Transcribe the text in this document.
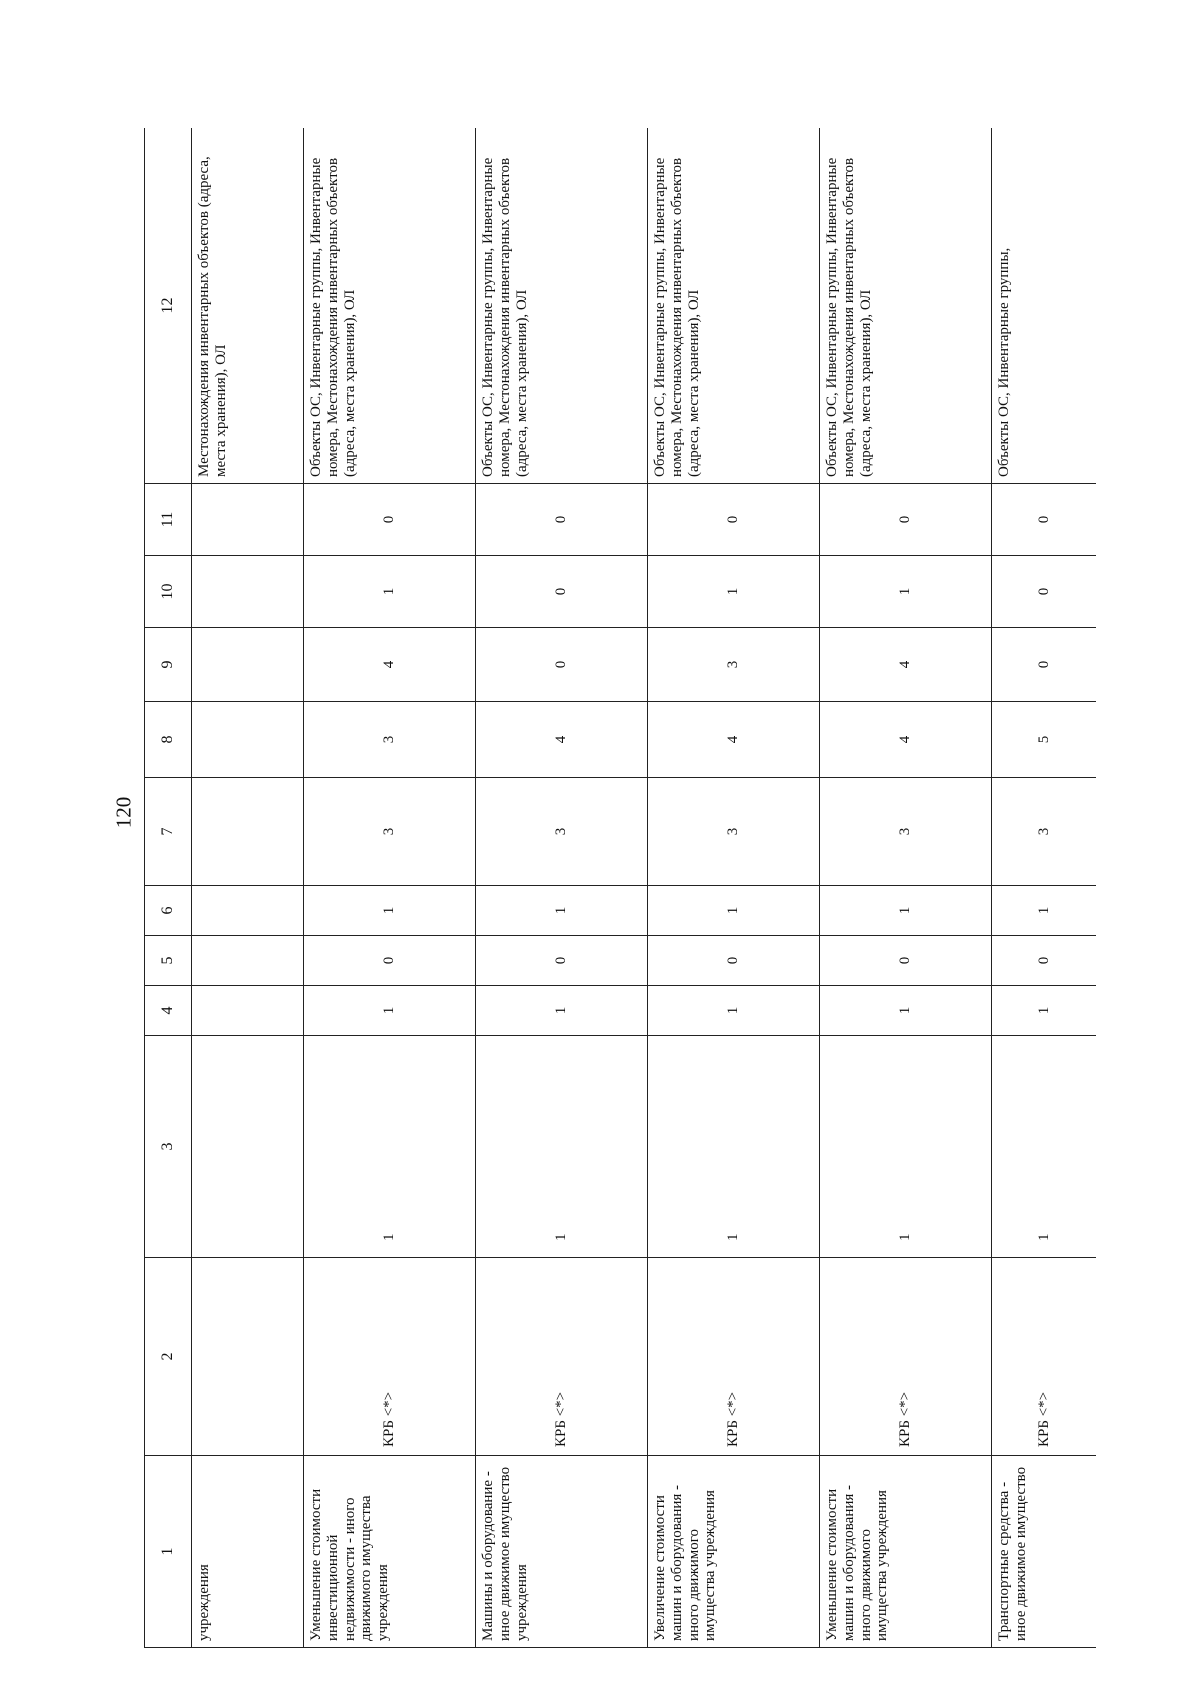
120
1	2	3	4	5	6	7	8	9	10	11	12
учреждения											Местонахождения инвентарных объектов (адреса, места хранения), ОЛ
Уменьшение стоимости инвестиционной недвижимости - иного движимого имущества учреждения	КРБ <*>	1	1	0	1	3	3	4	1	0	Объекты ОС, Инвентарные группы, Инвентарные номера, Местонахождения инвентарных объектов (адреса, места хранения), ОЛ
Машины и оборудование - иное движимое имущество учреждения	КРБ <*>	1	1	0	1	3	4	0	0	0	Объекты ОС, Инвентарные группы, Инвентарные номера, Местонахождения инвентарных объектов (адреса, места хранения), ОЛ
Увеличение стоимости машин и оборудования - иного движимого имущества учреждения	КРБ <*>	1	1	0	1	3	4	3	1	0	Объекты ОС, Инвентарные группы, Инвентарные номера, Местонахождения инвентарных объектов (адреса, места хранения), ОЛ
Уменьшение стоимости машин и оборудования - иного движимого имущества учреждения	КРБ <*>	1	1	0	1	3	4	4	1	0	Объекты ОС, Инвентарные группы, Инвентарные номера, Местонахождения инвентарных объектов (адреса, места хранения), ОЛ
Транспортные средства - иное движимое имущество	КРБ <*>	1	1	0	1	3	5	0	0	0	Объекты ОС, Инвентарные группы,
